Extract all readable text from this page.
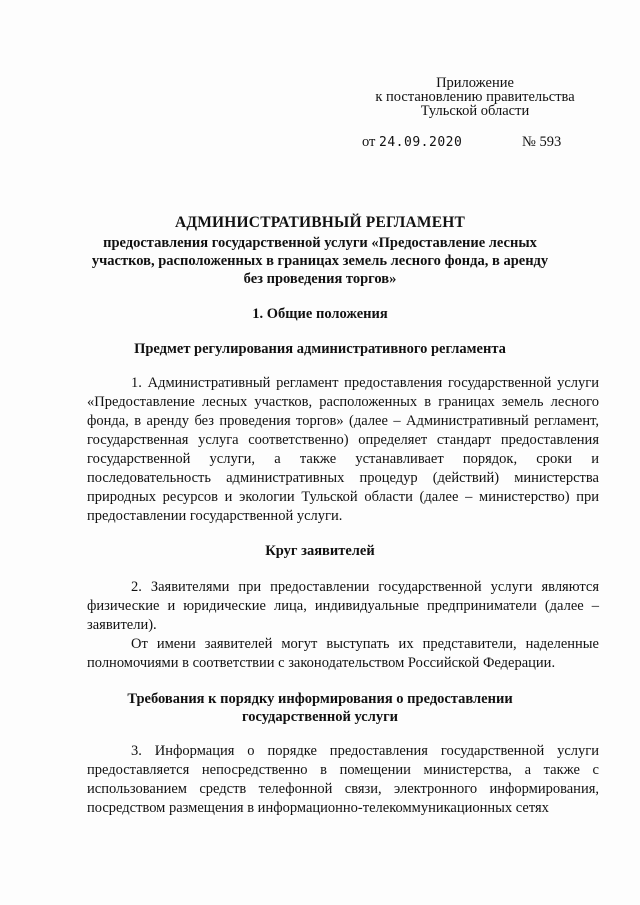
Приложение
к постановлению правительства
Тульской области
от 24.09.2020	№ 593
АДМИНИСТРАТИВНЫЙ РЕГЛАМЕНТ
предоставления государственной услуги «Предоставление лесных участков, расположенных в границах земель лесного фонда, в аренду без проведения торгов»
1. Общие положения
Предмет регулирования административного регламента
1. Административный регламент предоставления государственной услуги «Предоставление лесных участков, расположенных в границах земель лесного фонда, в аренду без проведения торгов» (далее – Административный регламент, государственная услуга соответственно) определяет стандарт предоставления государственной услуги, а также устанавливает порядок, сроки и последовательность административных процедур (действий) министерства природных ресурсов и экологии Тульской области (далее – министерство) при предоставлении государственной услуги.
Круг заявителей
2. Заявителями при предоставлении государственной услуги являются физические и юридические лица, индивидуальные предприниматели (далее – заявители).
От имени заявителей могут выступать их представители, наделенные полномочиями в соответствии с законодательством Российской Федерации.
Требования к порядку информирования о предоставлении государственной услуги
3. Информация о порядке предоставления государственной услуги предоставляется непосредственно в помещении министерства, а также с использованием средств телефонной связи, электронного информирования, посредством размещения в информационно-телекоммуникационных сетях
